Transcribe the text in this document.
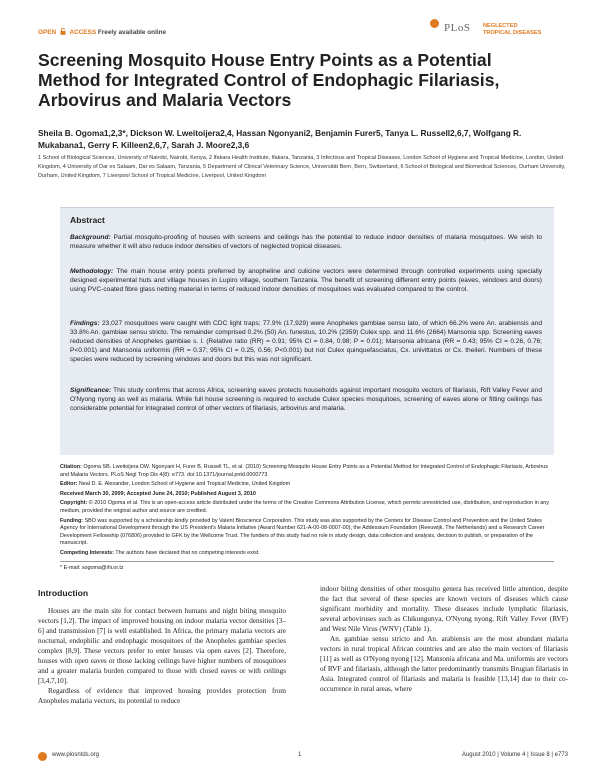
OPEN ACCESS Freely available online	PLoS NEGLECTED
TROPICAL DISEASES
Screening Mosquito House Entry Points as a Potential Method for Integrated Control of Endophagic Filariasis, Arbovirus and Malaria Vectors
Sheila B. Ogoma1,2,3*, Dickson W. Lweitoijera2,4, Hassan Ngonyani2, Benjamin Furer5, Tanya L. Russell2,6,7, Wolfgang R. Mukabana1, Gerry F. Killeen2,6,7, Sarah J. Moore2,3,6
1 School of Biological Sciences, University of Nairobi, Nairobi, Kenya, 2 Ifakara Health Institute, Ifakara, Tanzania, 3 Infectious and Tropical Diseases, London School of Hygiene and Tropical Medicine, London, United Kingdom, 4 University of Dar es Salaam, Dar es Salaam, Tanzania, 5 Department of Clinical Veterinary Science, Universität Bern, Bern, Switzerland, 6 School of Biological and Biomedical Sciences, Durham University, Durham, United Kingdom, 7 Liverpool School of Tropical Medicine, Liverpool, United Kingdom
Abstract
Background: Partial mosquito-proofing of houses with screens and ceilings has the potential to reduce indoor densities of malaria mosquitoes. We wish to measure whether it will also reduce indoor densities of vectors of neglected tropical diseases.
Methodology: The main house entry points preferred by anopheline and culicine vectors were determined through controlled experiments using specially designed experimental huts and village houses in Lupiro village, southern Tanzania. The benefit of screening different entry points (eaves, windows and doors) using PVC-coated fibre glass netting material in terms of reduced indoor densities of mosquitoes was evaluated compared to the control.
Findings: 23,027 mosquitoes were caught with CDC light traps; 77.9% (17,929) were Anopheles gambiae sensu lato, of which 66.2% were An. arabiensis and 33.8% An. gambiae sensu stricto. The remainder comprised 0.2% (50) An. funestus, 10.2% (2359) Culex spp. and 11.6% (2664) Mansonia spp. Screening eaves reduced densities of Anopheles gambiae s. l. (Relative ratio (RR) = 0.91; 95% CI = 0.84, 0.98; P = 0.01); Mansonia africana (RR = 0.43; 95% CI = 0.26, 0.76; P<0.001) and Mansonia uniformis (RR = 0.37; 95% CI = 0.25, 0.56; P<0.001) but not Culex quinquefasciatus, Cx. univittatus or Cx. theileri. Numbers of these species were reduced by screening windows and doors but this was not significant.
Significance: This study confirms that across Africa, screening eaves protects households against important mosquito vectors of filariasis, Rift Valley Fever and O'Nyong nyong as well as malaria. While full house screening is required to exclude Culex species mosquitoes, screening of eaves alone or fitting ceilings has considerable potential for integrated control of other vectors of filariasis, arbovirus and malaria.
Citation: Ogoma SB, Lweitoijera DW, Ngonyani H, Furer B, Russell TL, et al. (2010) Screening Mosquito House Entry Points as a Potential Method for Integrated Control of Endophagic Filariasis, Arbovirus and Malaria Vectors. PLoS Negl Trop Dis 4(8): e773. doi:10.1371/journal.pntd.0000773
Editor: Neal D. E. Alexander, London School of Hygiene and Tropical Medicine, United Kingdom
Received March 30, 2009; Accepted June 24, 2010; Published August 3, 2010
Copyright: © 2010 Ogoma et al. This is an open-access article distributed under the terms of the Creative Commons Attribution License, which permits unrestricted use, distribution, and reproduction in any medium, provided the original author and source are credited.
Funding: SBO was supported by a scholarship kindly provided by Valent Bioscience Corporation. This study was also supported by the Centers for Disease Control and Prevention and the United States Agency for International Development through the US President's Malaria Initiative (Award Number 621-A-00-08-0007-00), the Addessium Foundation (Reeuwijk, The Netherlands) and a Research Career Development Fellowship (076806) provided to GFK by the Wellcome Trust. The funders of this study had no role in study design, data collection and analysis, decision to publish, or preparation of the manuscript.
Competing Interests: The authors have declared that no competing interests exist.
* E-mail: sogoma@ihi.or.tz
Introduction

Houses are the main site for contact between humans and night biting mosquito vectors [1,2]. The impact of improved housing on indoor malaria vector densities [3–6] and transmission [7] is well established. In Africa, the primary malaria vectors are nocturnal, endophilic and endophagic mosquitoes of the Anopheles gambiae species complex [8,9]. These vectors prefer to enter houses via open eaves [2]. Therefore, houses with open eaves or those lacking ceilings have higher numbers of mosquitoes and a greater malaria burden compared to those with closed eaves or with ceilings [3,4,7,10].

Regardless of evidence that improved housing provides protection from Anopheles malaria vectors, its potential to reduce

indoor biting densities of other mosquito genera has received little attention, despite the fact that several of these species are known vectors of diseases which cause significant morbidity and mortality. These diseases include lymphatic filariasis, several arboviruses such as Chikungunya, O'Nyong nyong, Rift Valley Fever (RVF) and West Nile Virus (WNV) (Table 1).

An. gambiae sensu stricto and An. arabiensis are the most abundant malaria vectors in rural tropical African countries and are also the main vectors of filariasis [11] as well as O'Nyong nyong [12]. Mansonia africana and Ma. uniformis are vectors of RVF and filariasis, although the latter predominantly transmits Brugian filariasis in Asia. Integrated control of filariasis and malaria is feasible [13,14] due to their co-occurrence in rural areas, where

www.plosntds.org	1	August 2010 | Volume 4 | Issue 8 | e773
